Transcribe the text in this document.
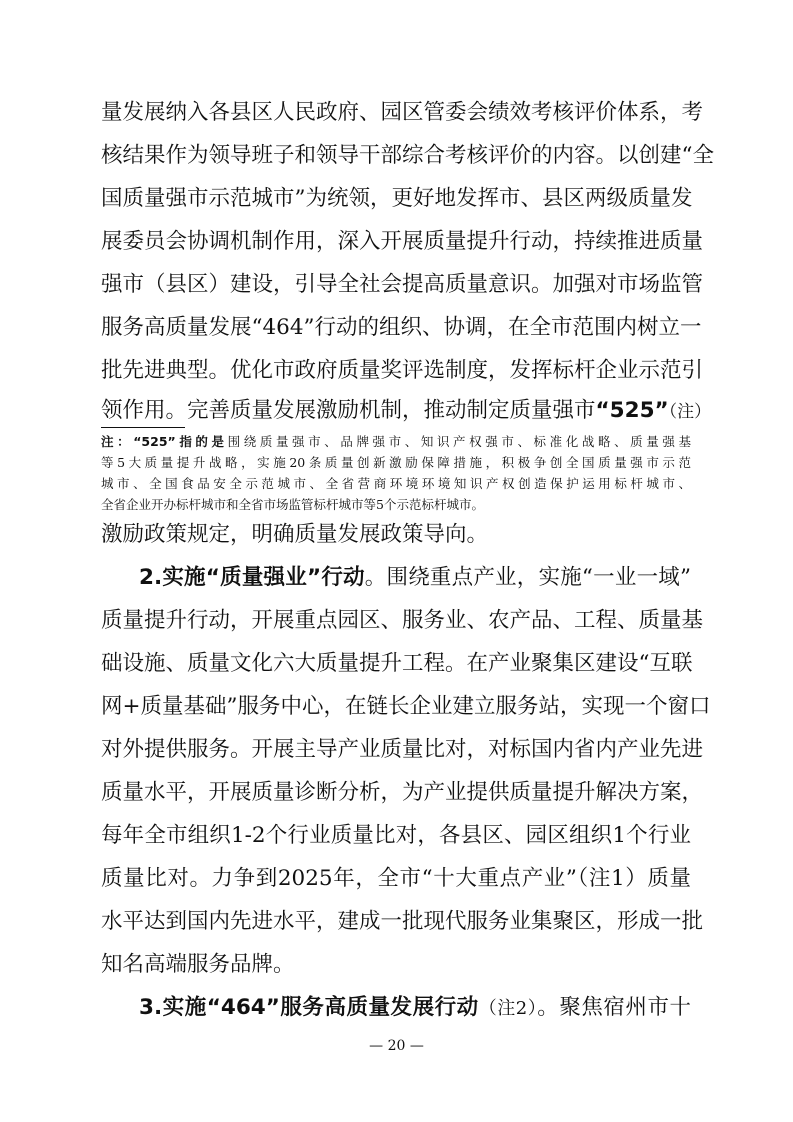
量发展纳入各县区人民政府、园区管委会绩效考核评价体系，考
核结果作为领导班子和领导干部综合考核评价的内容。以创建“全
国质量强市示范城市”为统领，更好地发挥市、县区两级质量发
展委员会协调机制作用，深入开展质量提升行动，持续推进质量
强市（县区）建设，引导全社会提高质量意识。加强对市场监管
服务高质量发展“464”行动的组织、协调，在全市范围内树立一
批先进典型。优化市政府质量奖评选制度，发挥标杆企业示范引
领作用。完善质量发展激励机制，推动制定质量强市“525”（注）
注：“525”指的是围绕质量强市、品牌强市、知识产权强市、标准化战略、质量强基
等5大质量提升战略，实施20条质量创新激励保障措施，积极争创全国质量强市示范
城市、全国食品安全示范城市、全省营商环境环境知识产权创造保护运用标杆城市、
全省企业开办标杆城市和全省市场监管标杆城市等5个示范标杆城市。
激励政策规定，明确质量发展政策导向。
2.实施“质量强业”行动。围绕重点产业，实施“一业一域”
质量提升行动，开展重点园区、服务业、农产品、工程、质量基
础设施、质量文化六大质量提升工程。在产业聚集区建设“互联
网+质量基础”服务中心，在链长企业建立服务站，实现一个窗口
对外提供服务。开展主导产业质量比对，对标国内省内产业先进
质量水平，开展质量诊断分析，为产业提供质量提升解决方案，
每年全市组织1-2个行业质量比对，各县区、园区组织1个行业
质量比对。力争到2025年，全市“十大重点产业”（注1）质量
水平达到国内先进水平，建成一批现代服务业集聚区，形成一批
知名高端服务品牌。
3.实施“464”服务高质量发展行动（注2）。聚焦宿州市十
— 20 —
